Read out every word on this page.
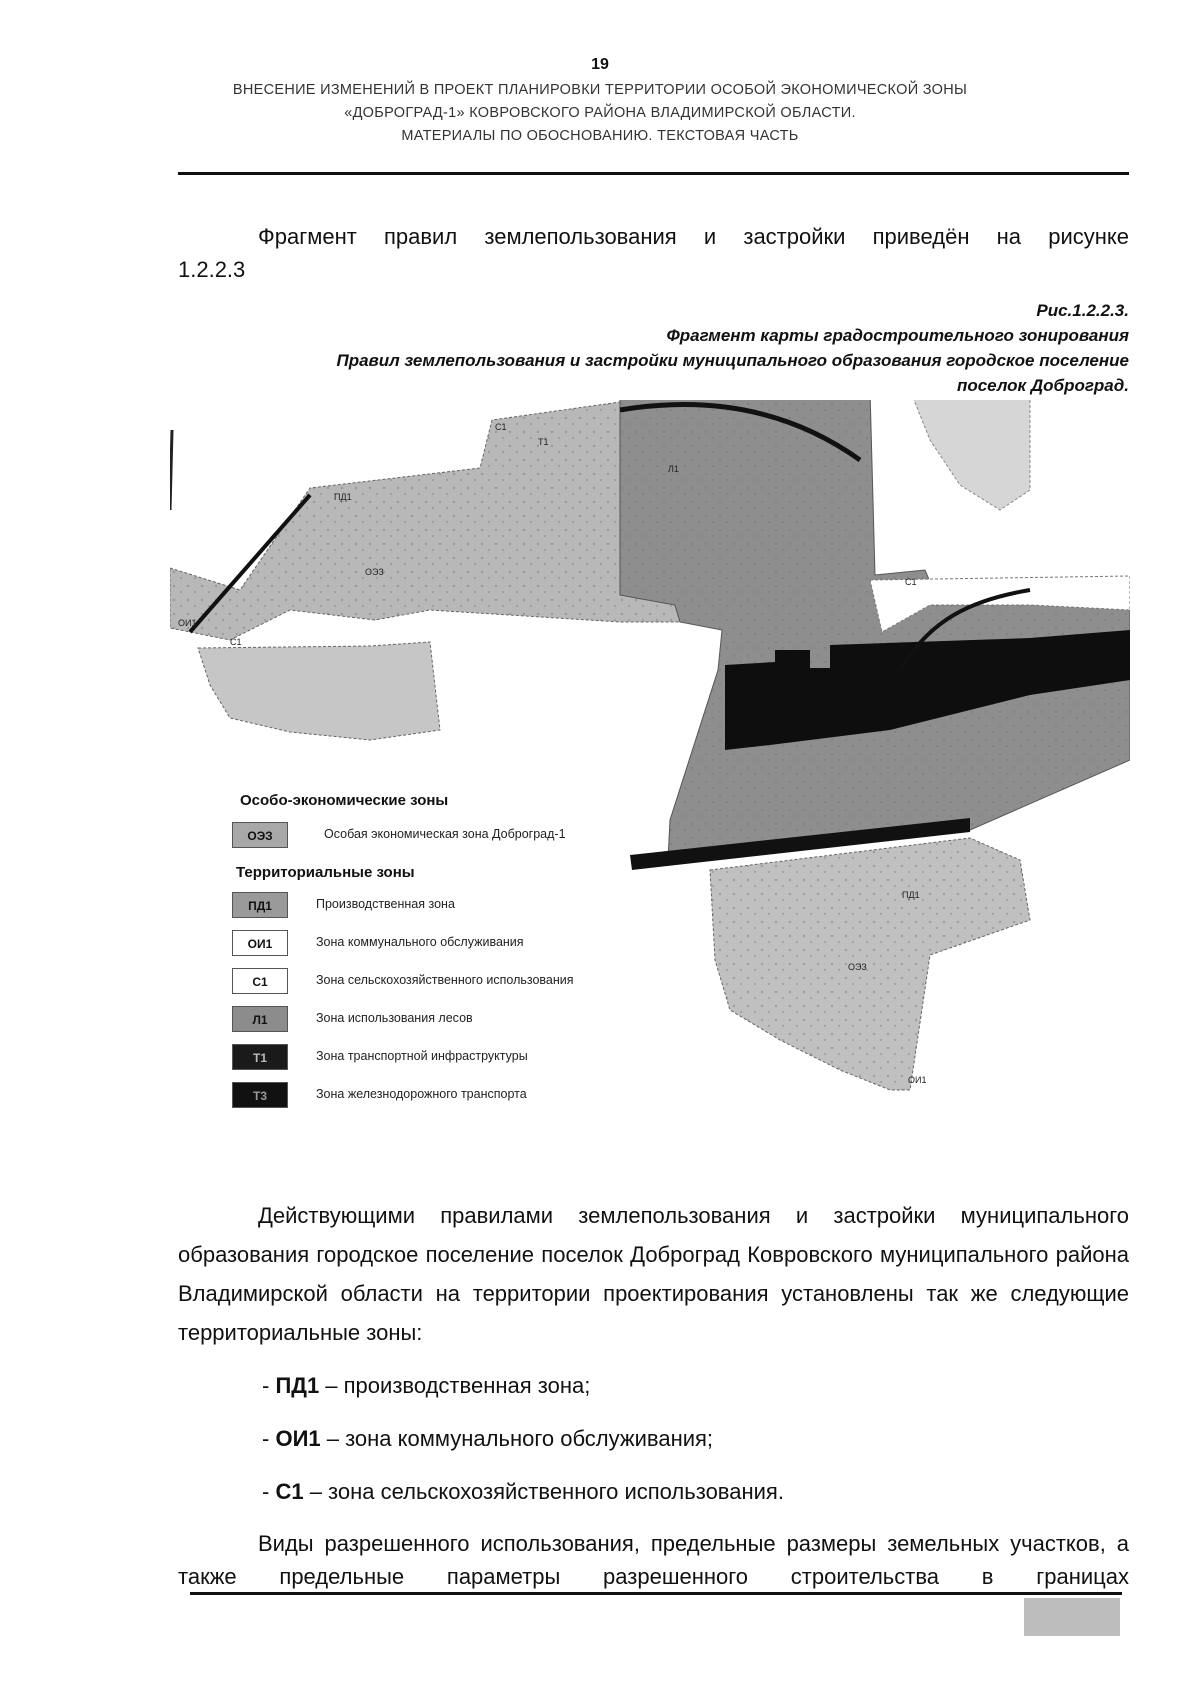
19
ВНЕСЕНИЕ ИЗМЕНЕНИЙ В ПРОЕКТ ПЛАНИРОВКИ ТЕРРИТОРИИ ОСОБОЙ ЭКОНОМИЧЕСКОЙ ЗОНЫ
«ДОБРОГРАД-1» КОВРОВСКОГО РАЙОНА ВЛАДИМИРСКОЙ ОБЛАСТИ.
МАТЕРИАЛЫ ПО ОБОСНОВАНИЮ. ТЕКСТОВАЯ ЧАСТЬ
Фрагмент правил землепользования и застройки приведён на рисунке
1.2.2.3
Рис.1.2.2.3.
Фрагмент карты градостроительного зонирования
Правил землепользования и застройки муниципального образования городское поселение
поселок Доброград.
ОЭЗ
ПД1
ОИ1
С1
С1
Т1
Л1
С1
ОЭЗ
ПД1
ОИ1
Особо-экономические зоны
ОЭЗ	Особая экономическая зона Доброград-1
Территориальные зоны
ПД1	Производственная зона
ОИ1	Зона коммунального обслуживания
С1	Зона сельскохозяйственного использования
Л1	Зона использования лесов
Т1	Зона транспортной инфраструктуры
Т3	Зона железнодорожного транспорта

Действующими правилами землепользования и застройки муниципального образования городское поселение поселок Доброград Ковровского муниципального района Владимирской области на территории проектирования установлены так же следующие территориальные зоны:

- ПД1 – производственная зона;

- ОИ1 – зона коммунального обслуживания;

- С1 – зона сельскохозяйственного использования.

Виды разрешенного использования, предельные размеры земельных участков, а также предельные параметры разрешенного строительства в границах
